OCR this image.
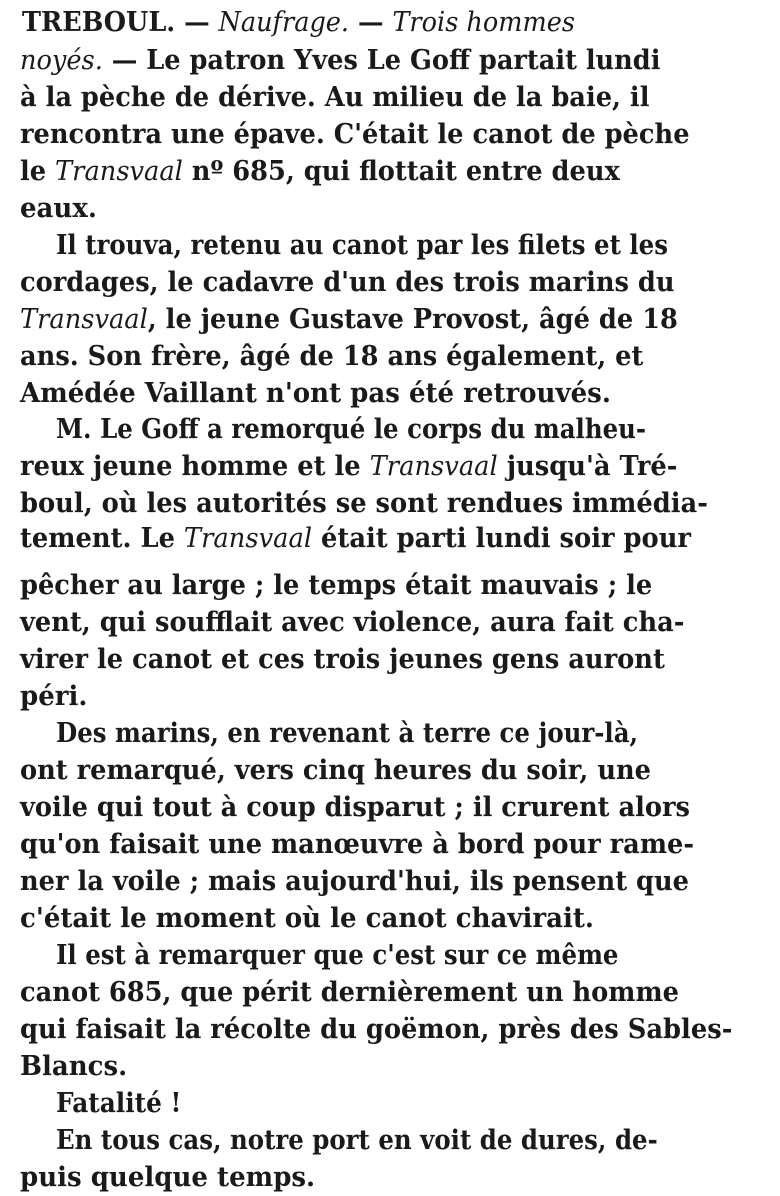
TREBOUL. — Naufrage. — Trois hommes

noyés. — Le patron Yves Le Goff partait lundi

à la pèche de dérive. Au milieu de la baie, il

rencontra une épave. C'était le canot de pèche

le Transvaal nº 685, qui flottait entre deux

eaux.

Il trouva, retenu au canot par les filets et les

cordages, le cadavre d'un des trois marins du

Transvaal, le jeune Gustave Provost, âgé de 18

ans. Son frère, âgé de 18 ans également, et

Amédée Vaillant n'ont pas été retrouvés.

M. Le Goff a remorqué le corps du malheu-

reux jeune homme et le Transvaal jusqu'à Tré-

boul, où les autorités se sont rendues immédia-

tement. Le Transvaal était parti lundi soir pour

pêcher au large ; le temps était mauvais ; le

vent, qui soufflait avec violence, aura fait cha-

virer le canot et ces trois jeunes gens auront

péri.

Des marins, en revenant à terre ce jour-là,

ont remarqué, vers cinq heures du soir, une

voile qui tout à coup disparut ; il crurent alors

qu'on faisait une manœuvre à bord pour rame-

ner la voile ; mais aujourd'hui, ils pensent que

c'était le moment où le canot chavirait.

Il est à remarquer que c'est sur ce même

canot 685, que périt dernièrement un homme

qui faisait la récolte du goëmon, près des Sables-

Blancs.

Fatalité !

En tous cas, notre port en voit de dures, de-

puis quelque temps.
